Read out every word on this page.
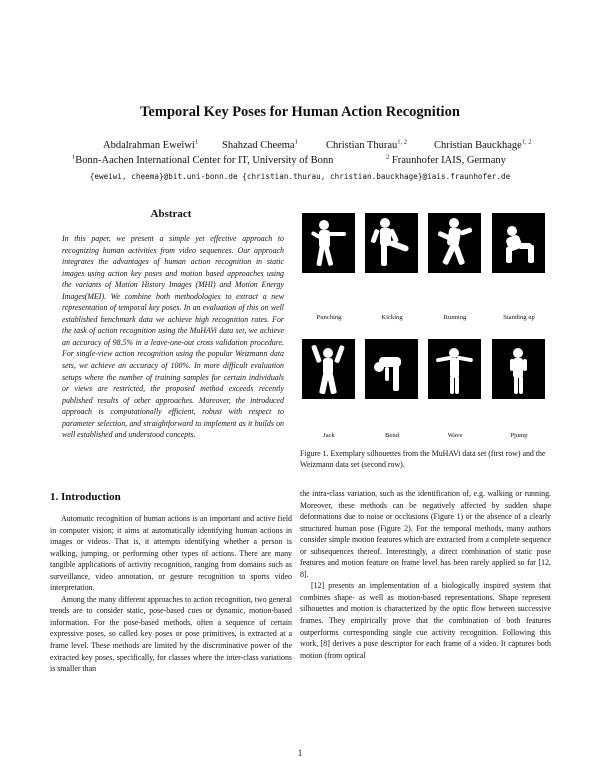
Temporal Key Poses for Human Action Recognition
Abdalrahman Eweiwi$^1$ Shahzad Cheema$^1$	Christian Thurau$^{1, 2}$	Christian Bauckhage$^{1, 2}$
$^1$Bonn-Aachen International Center for IT, University of Bonn	$^2$ Fraunhofer IAIS, Germany
{eweiwi, cheema}@bit.uni-bonn.de {christian.thurau, christian.bauckhage}@iais.fraunhofer.de
Abstract

In this paper, we present a simple yet effective approach to recognizing human activities from video sequences. Our approach integrates the advantages of human action recognition in static images using action key poses and motion based approaches using the variants of Motion History Images (MHI) and Motion Energy Images(MEI). We combine both methodologies to extract a new representation of temporal key poses. In an evaluation of this on well established benchmark data we achieve high recognition rates. For the task of action recognition using the MuHAVi data set, we achieve an accuracy of 98.5% in a leave-one-out cross validation procedure. For single-view action recognition using the popular Weizmann data sets, we achieve an accuracy of 100%. In more difficult evaluation setups where the number of training samples for certain individuals or views are restricted, the proposed method exceeds recently published results of other approaches. Moreover, the introduced approach is computationally efficient, robust with respect to parameter selection, and straightforward to implement as it builds on well established and understood concepts.

Punching	Kicking	Running	Standing up
Jack	Bend	Wave	Pjump
Figure 1. Exemplary silhouettes from the MuHAVi data set (first row) and the Weizmann data set (second row).
1. Introduction

Automatic recognition of human actions is an important and active field in computer vision; it aims at automatically identifying human actions in images or videos. That is, it attempts identifying whether a person is walking, jumping, or performing other types of actions. There are many tangible applications of activity recognition, ranging from domains such as surveillance, video annotation, or gesture recognition to sports video interpretation.

Among the many different approaches to action recognition, two general trends are to consider static, pose-based cues or dynamic, motion-based information. For the pose-based methods, often a sequence of certain expressive poses, so called key poses or pose primitives, is extracted at a frame level. These methods are limited by the discriminative power of the extracted key poses, specifically, for classes where the inter-class variations is smaller than

the intra-class variation, such as the identification of, e.g. walking or running. Moreover, these methods can be negatively affected by sudden shape deformations due to noise or occlusions (Figure 1) or the absence of a clearly structured human pose (Figure 2). For the temporal methods, many authors consider simple motion features which are extracted from a complete sequence or subsequences thereof. Interestingly, a direct combination of static pose features and motion feature on frame level has been rarely applied so far [12, 8].

[12] presents an implementation of a biologically inspired system that combines shape- as well as motion-based representations. Shape represent silhouettes and motion is characterized by the optic flow between successive frames. They empirically prove that the combination of both features outperforms corresponding single cue activity recognition. Following this work, [8] derives a pose descriptor for each frame of a video. It captures both motion (from optical

1
